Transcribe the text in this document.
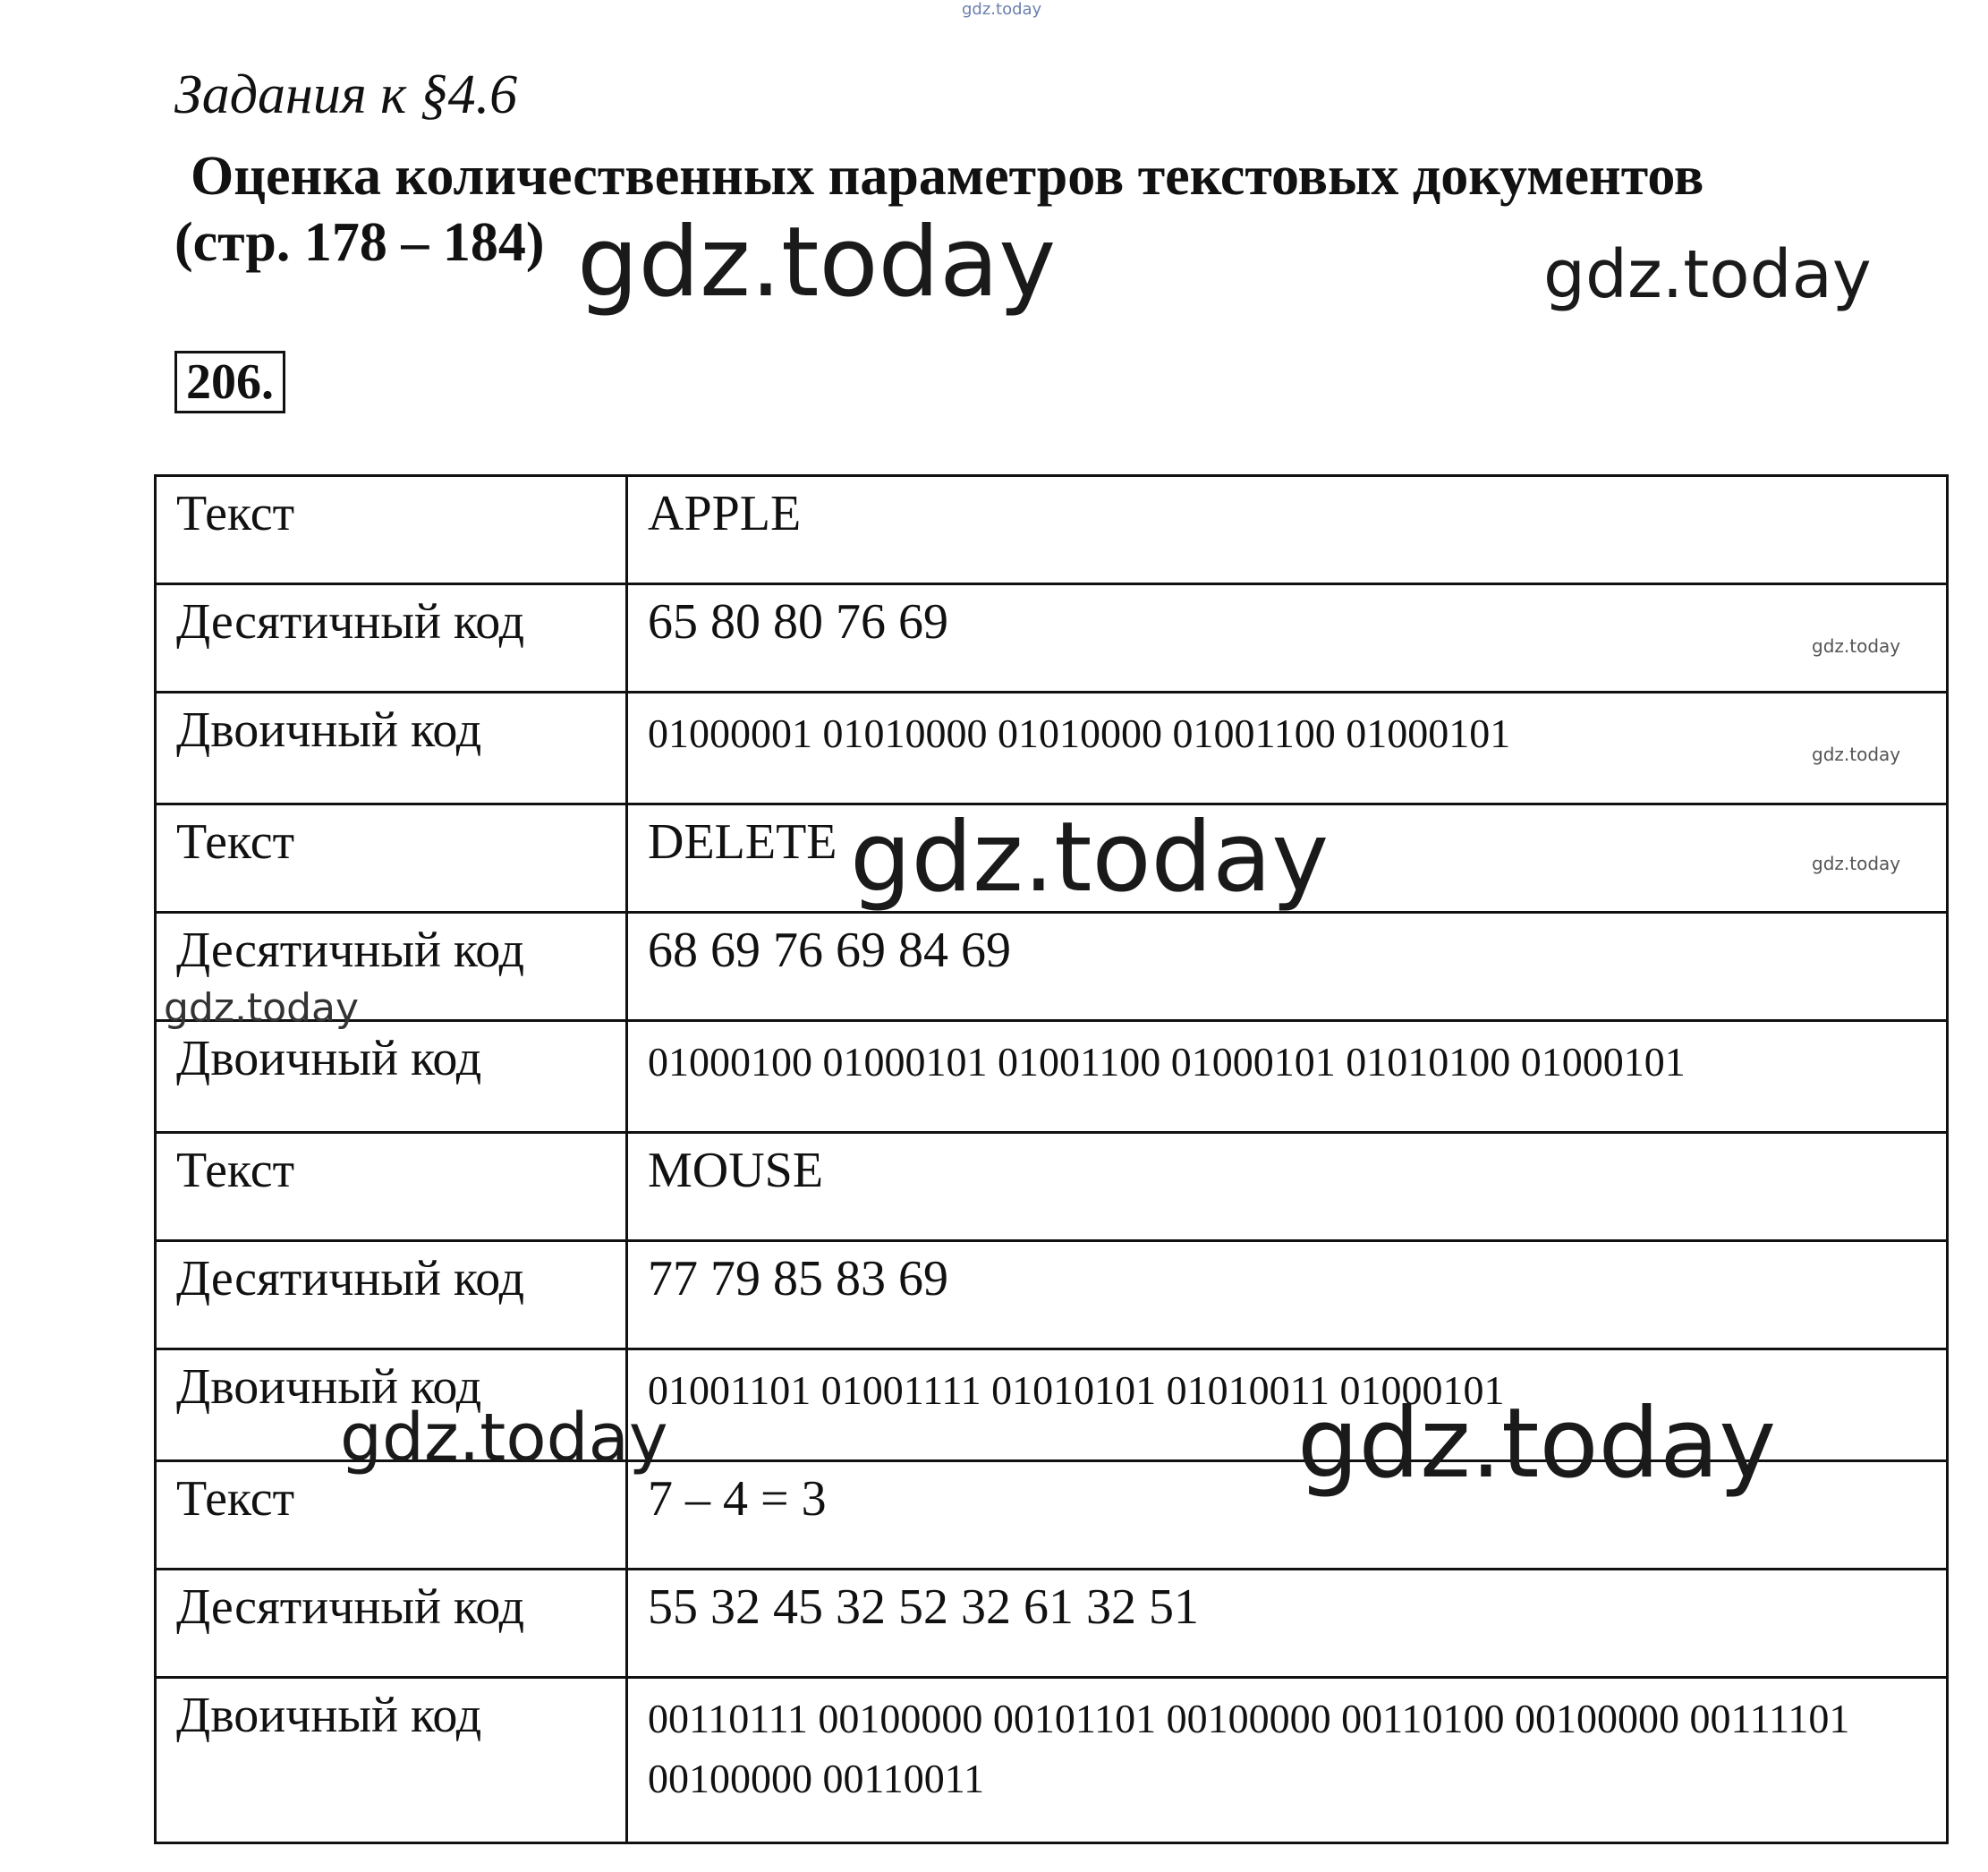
Задания к §4.6
Оценка количественных параметров текстовых документов
(стр. 178 – 184)
206.
Текст	APPLE
Десятичный код	65 80 80 76 69
Двоичный код	01000001 01010000 01010000 01001100 01000101
Текст	DELETE
Десятичный код	68 69 76 69 84 69
Двоичный код	01000100 01000101 01001100 01000101 01010100 01000101
Текст	MOUSE
Десятичный код	77 79 85 83 69
Двоичный код	01001101 01001111 01010101 01010011 01000101
Текст	7 – 4 = 3
Десятичный код	55 32 45 32 52 32 61 32 51
Двоичный код	00110111 00100000 00101101 00100000 00110100 00100000 00111101 00100000 00110011
gdz.today
gdz.today	gdz.today
gdz.today
gdz.today
gdz.today
gdz.today
gdz.today
gdz.today	gdz.today
